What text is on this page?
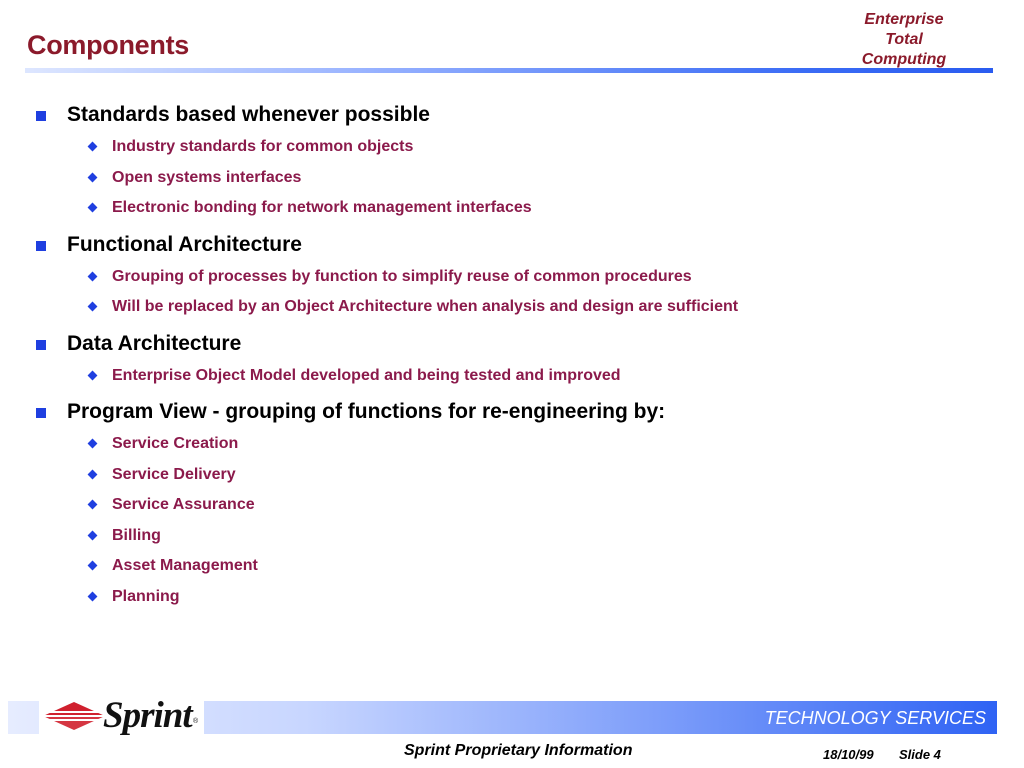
Components
Enterprise
Total
Computing
Standards based whenever possible
Industry standards for common objects
Open systems interfaces
Electronic bonding for network management interfaces
Functional Architecture
Grouping of processes by function to simplify reuse of common procedures
Will be replaced by an Object Architecture when analysis and design are sufficient
Data Architecture
Enterprise Object Model developed and being tested and improved
Program View - grouping of functions for re-engineering by:
Service Creation
Service Delivery
Service Assurance
Billing
Asset Management
Planning
Sprint ®	TECHNOLOGY SERVICES
Sprint Proprietary Information	18/10/99 Slide 4
